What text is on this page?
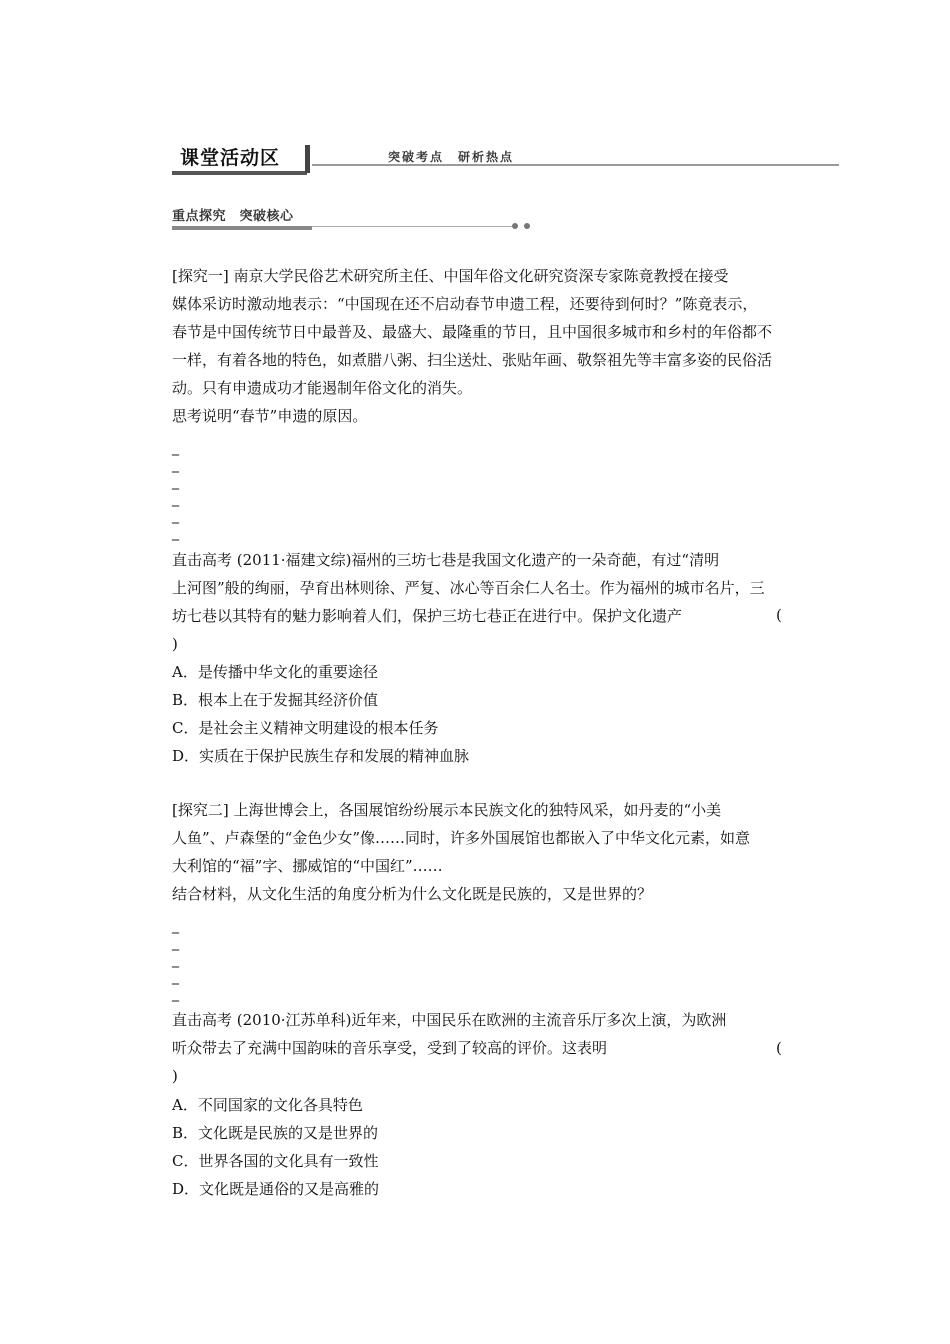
课堂活动区	突破考点　研析热点
重点探究　突破核心
[探究一] 南京大学民俗艺术研究所主任、中国年俗文化研究资深专家陈竟教授在接受
媒体采访时激动地表示：“中国现在还不启动春节申遗工程，还要待到何时？”陈竟表示，
春节是中国传统节日中最普及、最盛大、最隆重的节日，且中国很多城市和乡村的年俗都不
一样，有着各地的特色，如煮腊八粥、扫尘送灶、张贴年画、敬祭祖先等丰富多姿的民俗活
动。只有申遗成功才能遏制年俗文化的消失。
思考说明“春节”申遗的原因。
_
_
_
_
_
_
直击高考 (2011·福建文综)福州的三坊七巷是我国文化遗产的一朵奇葩，有过“清明
上河图”般的绚丽，孕育出林则徐、严复、冰心等百余仁人名士。作为福州的城市名片，三
坊七巷以其特有的魅力影响着人们，保护三坊七巷正在进行中。保护文化遗产	(
)
A．是传播中华文化的重要途径
B．根本上在于发掘其经济价值
C．是社会主义精神文明建设的根本任务
D．实质在于保护民族生存和发展的精神血脉
[探究二] 上海世博会上，各国展馆纷纷展示本民族文化的独特风采，如丹麦的“小美
人鱼”、卢森堡的“金色少女”像……同时，许多外国展馆也都嵌入了中华文化元素，如意
大利馆的“福”字、挪威馆的“中国红”……
结合材料，从文化生活的角度分析为什么文化既是民族的，又是世界的？
_
_
_
_
_
直击高考 (2010·江苏单科)近年来，中国民乐在欧洲的主流音乐厅多次上演，为欧洲
听众带去了充满中国韵味的音乐享受，受到了较高的评价。这表明	(
)
A．不同国家的文化各具特色
B．文化既是民族的又是世界的
C．世界各国的文化具有一致性
D．文化既是通俗的又是高雅的
